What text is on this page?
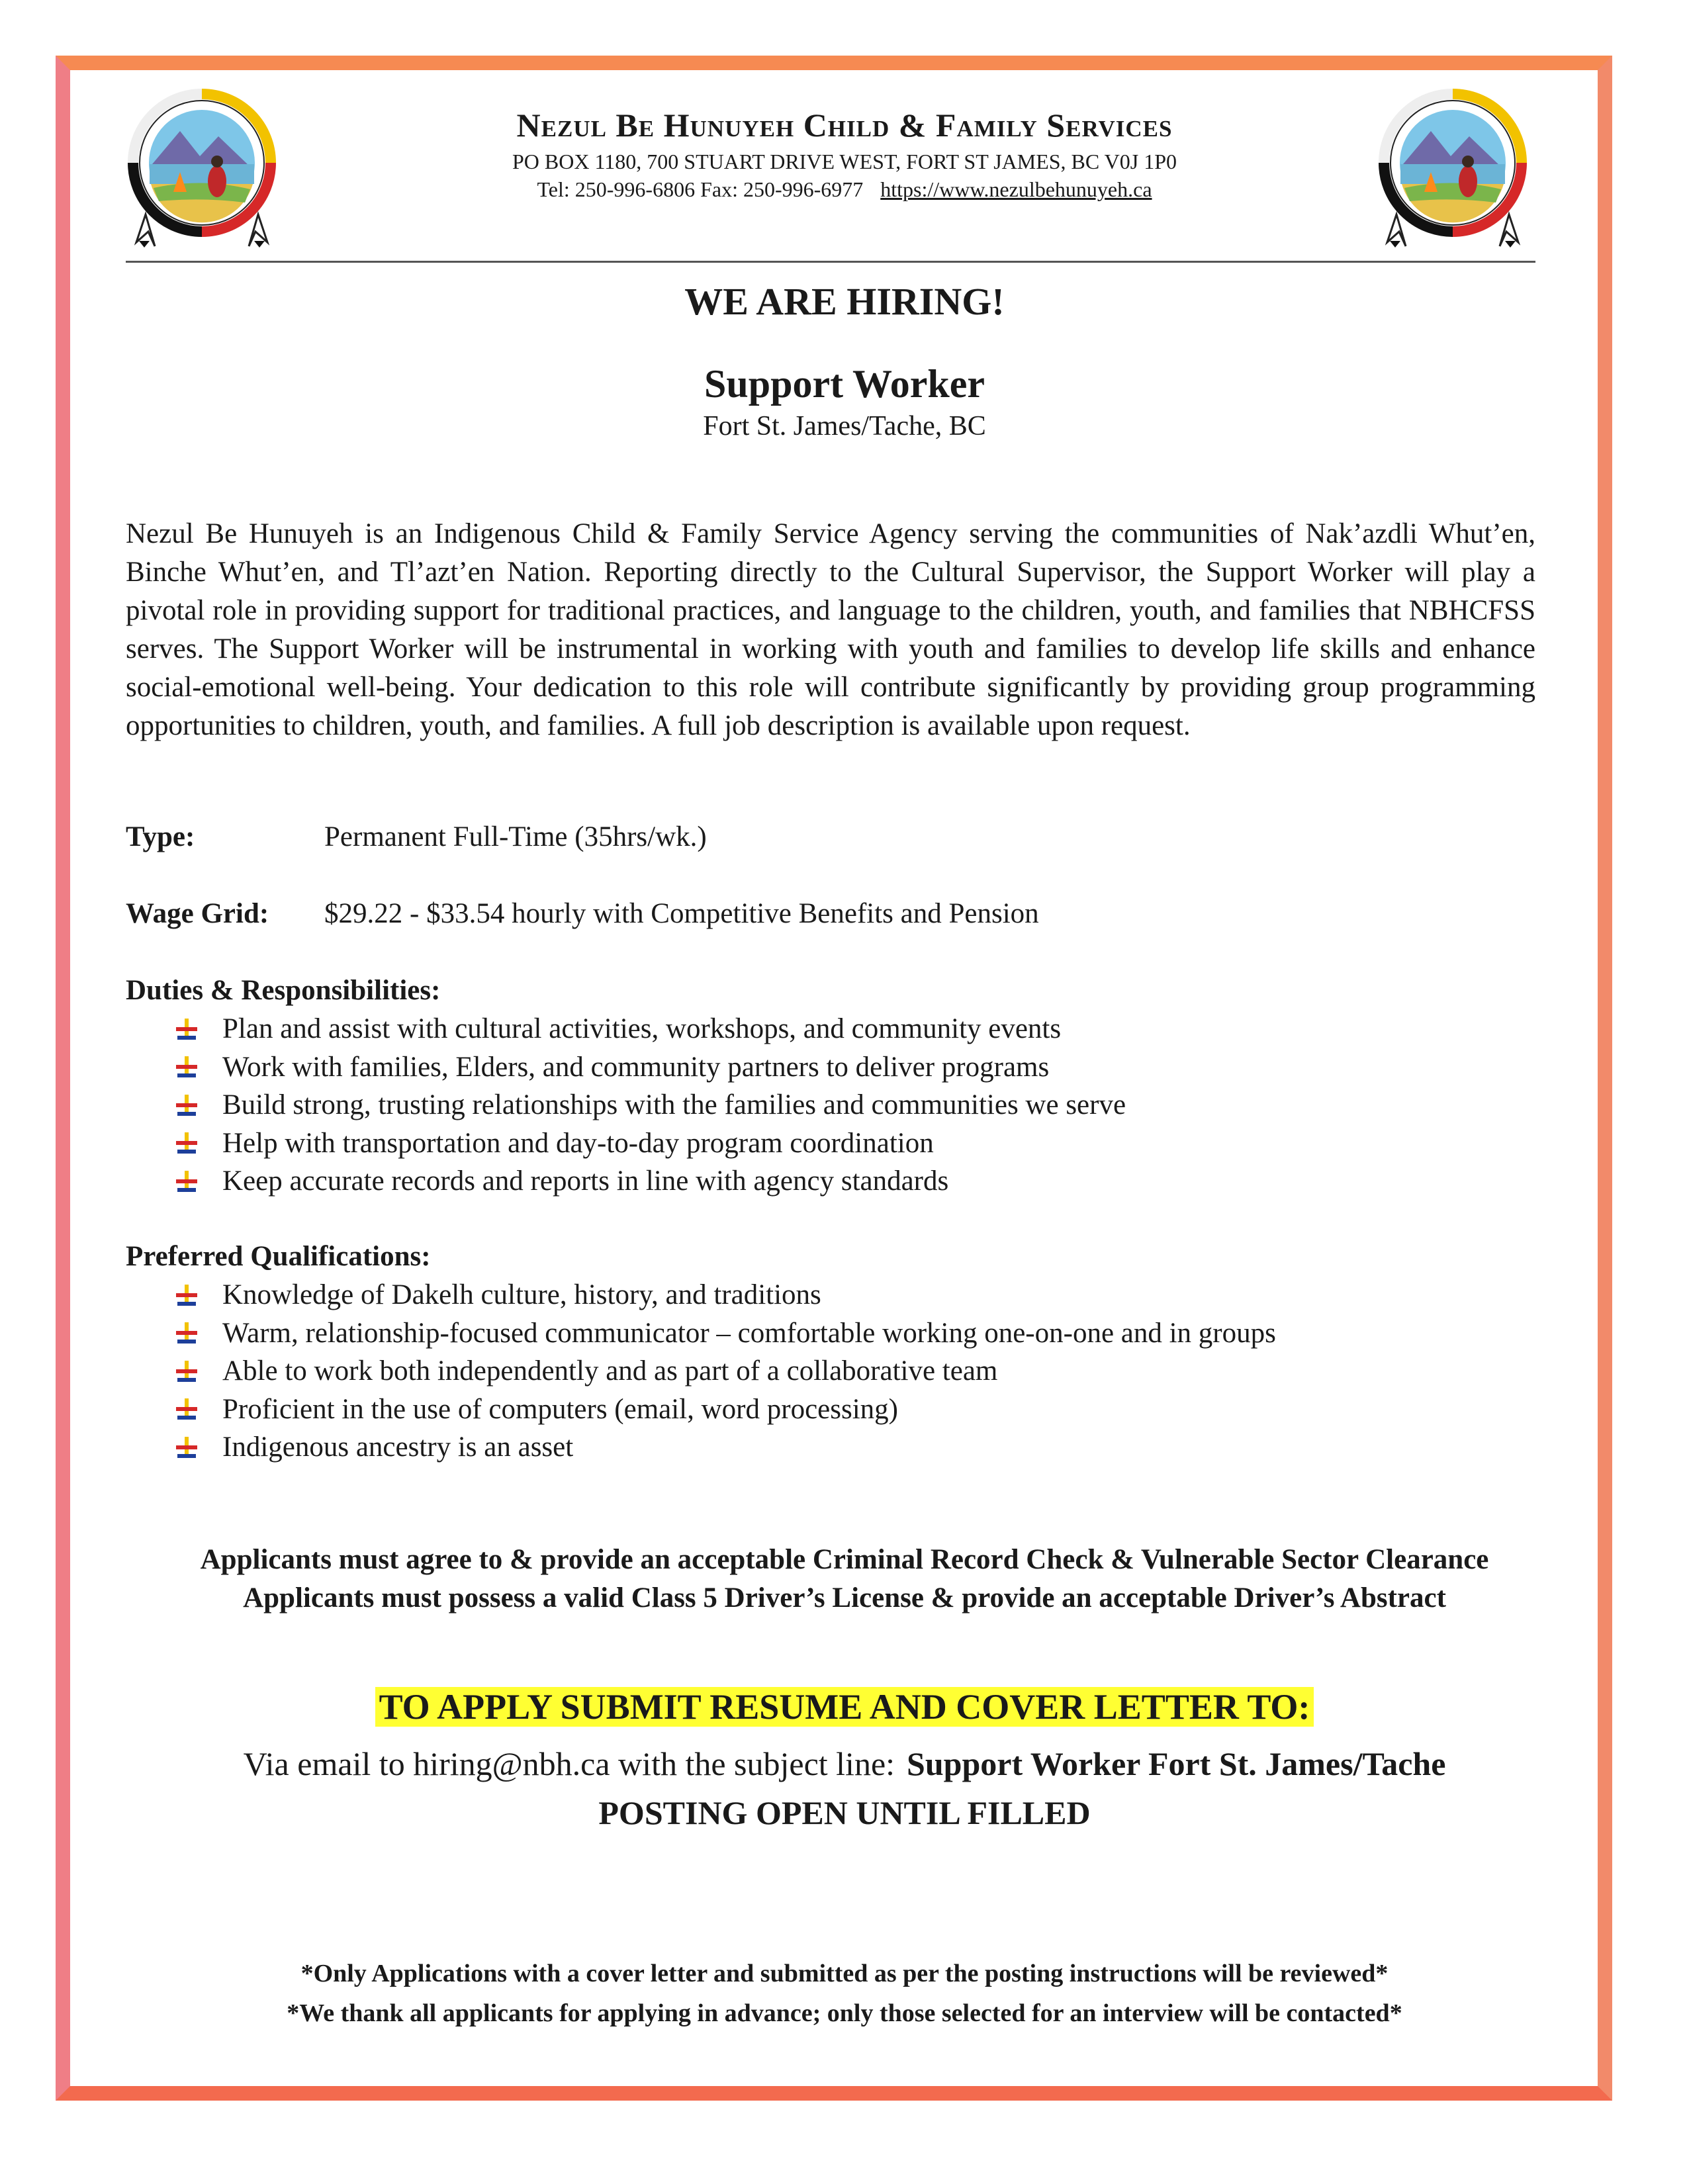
Nezul Be Hunuyeh Child & Family Services
PO BOX 1180, 700 STUART DRIVE WEST, FORT ST JAMES, BC V0J 1P0
Tel: 250-996-6806 Fax: 250-996-6977 https://www.nezulbehunuyeh.ca
WE ARE HIRING!
Support Worker
Fort St. James/Tache, BC
Nezul Be Hunuyeh is an Indigenous Child & Family Service Agency serving the communities of Nak’azdli Whut’en, Binche Whut’en, and Tl’azt’en Nation. Reporting directly to the Cultural Supervisor, the Support Worker will play a pivotal role in providing support for traditional practices, and language to the children, youth, and families that NBHCFSS serves. The Support Worker will be instrumental in working with youth and families to develop life skills and enhance social-emotional well-being. Your dedication to this role will contribute significantly by providing group programming opportunities to children, youth, and families. A full job description is available upon request.
Type:	Permanent Full-Time (35hrs/wk.)
Wage Grid: $29.22 - $33.54 hourly with Competitive Benefits and Pension
Duties & Responsibilities:
Plan and assist with cultural activities, workshops, and community events
Work with families, Elders, and community partners to deliver programs
Build strong, trusting relationships with the families and communities we serve
Help with transportation and day-to-day program coordination
Keep accurate records and reports in line with agency standards
Preferred Qualifications:
Knowledge of Dakelh culture, history, and traditions
Warm, relationship-focused communicator – comfortable working one-on-one and in groups
Able to work both independently and as part of a collaborative team
Proficient in the use of computers (email, word processing)
Indigenous ancestry is an asset
Applicants must agree to & provide an acceptable Criminal Record Check & Vulnerable Sector Clearance
Applicants must possess a valid Class 5 Driver’s License & provide an acceptable Driver’s Abstract
TO APPLY SUBMIT RESUME AND COVER LETTER TO:
Via email to hiring@nbh.ca with the subject line: Support Worker Fort St. James/Tache
POSTING OPEN UNTIL FILLED
*Only Applications with a cover letter and submitted as per the posting instructions will be reviewed*
*We thank all applicants for applying in advance; only those selected for an interview will be contacted*
